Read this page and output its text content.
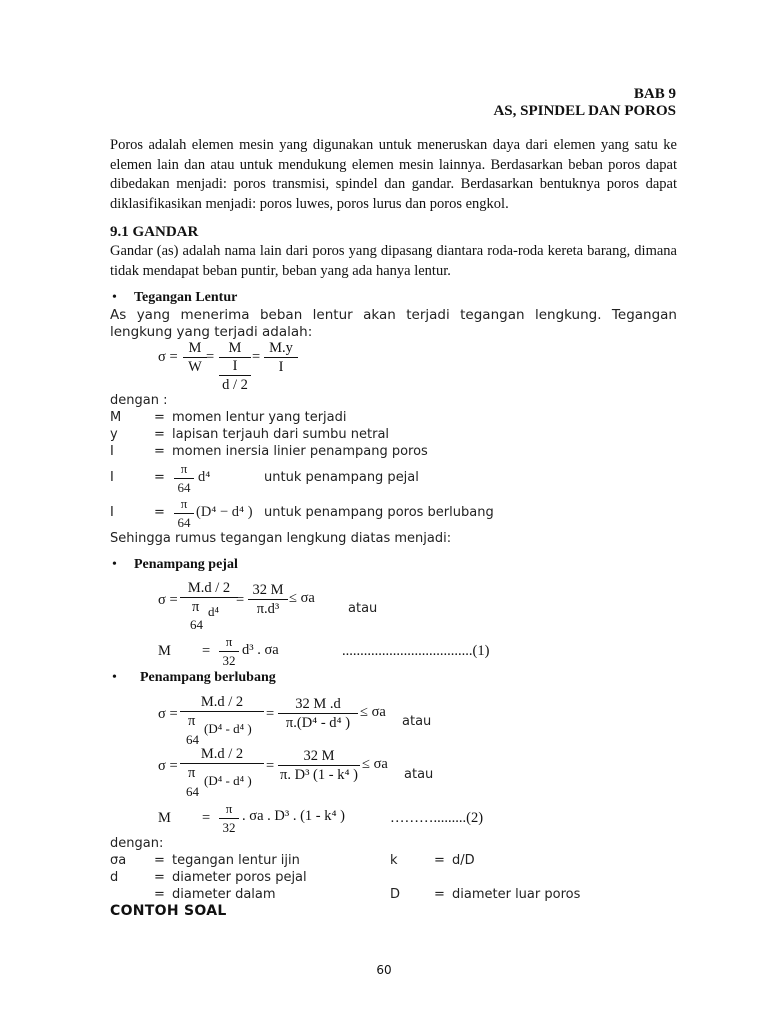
BAB 9
AS, SPINDEL DAN POROS

Poros adalah elemen mesin yang digunakan untuk meneruskan daya dari elemen yang satu ke elemen lain dan atau untuk mendukung elemen mesin lainnya. Berdasarkan beban poros dapat dibedakan menjadi: poros transmisi, spindel dan gandar. Berdasarkan bentuknya poros dapat diklasifikasikan menjadi: poros luwes, poros lurus dan poros engkol.

9.1 GANDAR

Gandar (as) adalah nama lain dari poros yang dipasang diantara roda-roda kereta barang, dimana tidak mendapat beban puntir, beban yang ada hanya lentur.

• Tegangan Lentur

As yang menerima beban lentur akan terjadi tegangan lengkung. Tegangan lengkung yang terjadi adalah:

$\sigma = \frac{M}{W}$ =
M
I
d / 2
= $\frac{M.y}{I}$
dengan :
M	= momen lentur yang terjadi
y	= lapisan terjauh dari sumbu netral
I	= momen inersia linier penampang poros
I	= $\frac{\pi}{64} d^4$	untuk penampang pejal
I	= $\frac{\pi}{64} (D^4 - d^4$ ) untuk penampang poros berlubang
Sehingga rumus tegangan lengkung diatas menjadi:
• Penampang pejal
$\sigma = \frac{M.d / 2}{\pi}$
64
d⁴
= $\frac{32 M}{\text{π.d³}} \le \sigma a$
atau
$M = \frac{\pi}{32} d^3$ . σa	....................................(1)
• Penampang berlubang
$\sigma = \frac{M.d / 2}{\pi}$
64
(D⁴ - d⁴ )
= $\frac{32 M .d}{\text{π.(D⁴ - d⁴ )}} \le \sigma a$
atau
$\sigma = \frac{M.d / 2}{\pi}$
64
(D⁴ - d⁴ )
= $\frac{32 M}{\text{π. D³ (1 - k⁴ )}} \le \sigma a$
atau
$M = \frac{\pi}{32}$ . σa . D³ . (1 - k⁴ )	……….........(2)
dengan:
σa = tegangan lentur ijin	k	= d/D
d	= diameter poros pejal
= diameter dalam	D	= diameter luar poros
CONTOH SOAL
60
